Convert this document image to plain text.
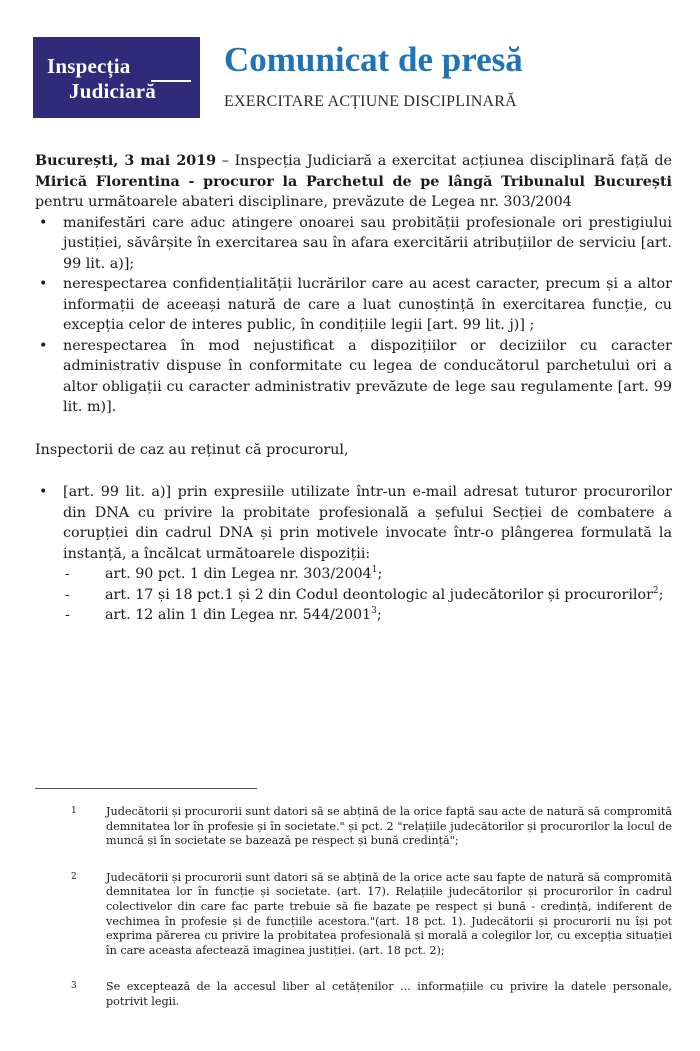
Inspecția
Judiciară
Comunicat de presă
EXERCITARE ACȚIUNE DISCIPLINARĂ

București, 3 mai 2019 – Inspecția Judiciară a exercitat acțiunea disciplinară față de Mirică Florentina - procuror la Parchetul de pe lângă Tribunalul București pentru următoarele abateri disciplinare, prevăzute de Legea nr. 303/2004

• manifestări care aduc atingere onoarei sau probității profesionale ori prestigiului justiției, săvârșite în exercitarea sau în afara exercitării atribuțiilor de serviciu [art. 99 lit. a)];
• nerespectarea confidențialității lucrărilor care au acest caracter, precum și a altor informații de aceeași natură de care a luat cunoștință în exercitarea funcție, cu excepția celor de interes public, în condițiile legii [art. 99 lit. j)] ;
• nerespectarea în mod nejustificat a dispozițiilor or deciziilor cu caracter administrativ dispuse în conformitate cu legea de conducătorul parchetului ori a altor obligații cu caracter administrativ prevăzute de lege sau regulamente [art. 99 lit. m)].

Inspectorii de caz au reținut că procurorul,

• [art. 99 lit. a)] prin expresiile utilizate într-un e-mail adresat tuturor procurorilor din DNA cu privire la probitate profesională a șefului Secției de combatere a corupției din cadrul DNA și prin motivele invocate într-o plângerea formulată la instanță, a încălcat următoarele dispoziții:
- art. 90 pct. 1 din Legea nr. 303/2004$^1$;
- art. 17 și 18 pct.1 și 2 din Codul deontologic al judecătorilor și procurorilor$^2$;
- art. 12 alin 1 din Legea nr. 544/2001$^3$;
1	Judecătorii și procurorii sunt datori să se abțină de la orice faptă sau acte de natură să compromită demnitatea lor în profesie și în societate." și pct. 2 "relațiile judecătorilor și procurorilor la locul de muncă și în societate se bazează pe respect și bună credință";
2	Judecătorii și procurorii sunt datori să se abțină de la orice acte sau fapte de natură să compromită demnitatea lor în funcție și societate. (art. 17). Relațiile judecătorilor și procurorilor în cadrul colectivelor din care fac parte trebuie să fie bazate pe respect și bună - credință, indiferent de vechimea în profesie și de funcțiile acestora."(art. 18 pct. 1). Judecătorii și procurorii nu își pot exprima părerea cu privire la probitatea profesională și morală a colegilor lor, cu excepția situației în care aceasta afectează imaginea justiției. (art. 18 pct. 2);
3	Se exceptează de la accesul liber al cetățenilor ... informațiile cu privire la datele personale, potrivit legii.
